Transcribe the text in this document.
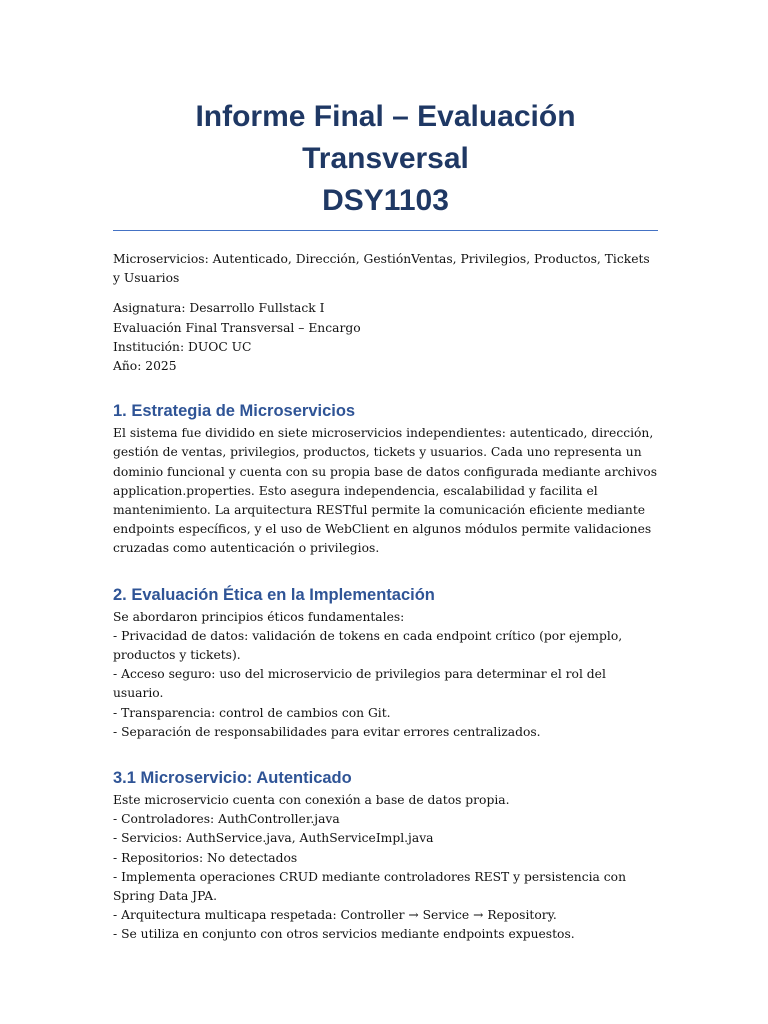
Informe Final – Evaluación Transversal
DSY1103

Microservicios: Autenticado, Dirección, GestiónVentas, Privilegios, Productos, Tickets y Usuarios

Asignatura: Desarrollo Fullstack I
Evaluación Final Transversal – Encargo
Institución: DUOC UC
Año: 2025
1. Estrategia de Microservicios
El sistema fue dividido en siete microservicios independientes: autenticado, dirección, gestión de ventas, privilegios, productos, tickets y usuarios. Cada uno representa un dominio funcional y cuenta con su propia base de datos configurada mediante archivos application.properties. Esto asegura independencia, escalabilidad y facilita el mantenimiento. La arquitectura RESTful permite la comunicación eficiente mediante endpoints específicos, y el uso de WebClient en algunos módulos permite validaciones cruzadas como autenticación o privilegios.
2. Evaluación Ética en la Implementación
Se abordaron principios éticos fundamentales:
- Privacidad de datos: validación de tokens en cada endpoint crítico (por ejemplo, productos y tickets).
- Acceso seguro: uso del microservicio de privilegios para determinar el rol del usuario.
- Transparencia: control de cambios con Git.
- Separación de responsabilidades para evitar errores centralizados.
3.1 Microservicio: Autenticado
Este microservicio cuenta con conexión a base de datos propia.
- Controladores: AuthController.java
- Servicios: AuthService.java, AuthServiceImpl.java
- Repositorios: No detectados
- Implementa operaciones CRUD mediante controladores REST y persistencia con Spring Data JPA.
- Arquitectura multicapa respetada: Controller → Service → Repository.
- Se utiliza en conjunto con otros servicios mediante endpoints expuestos.
